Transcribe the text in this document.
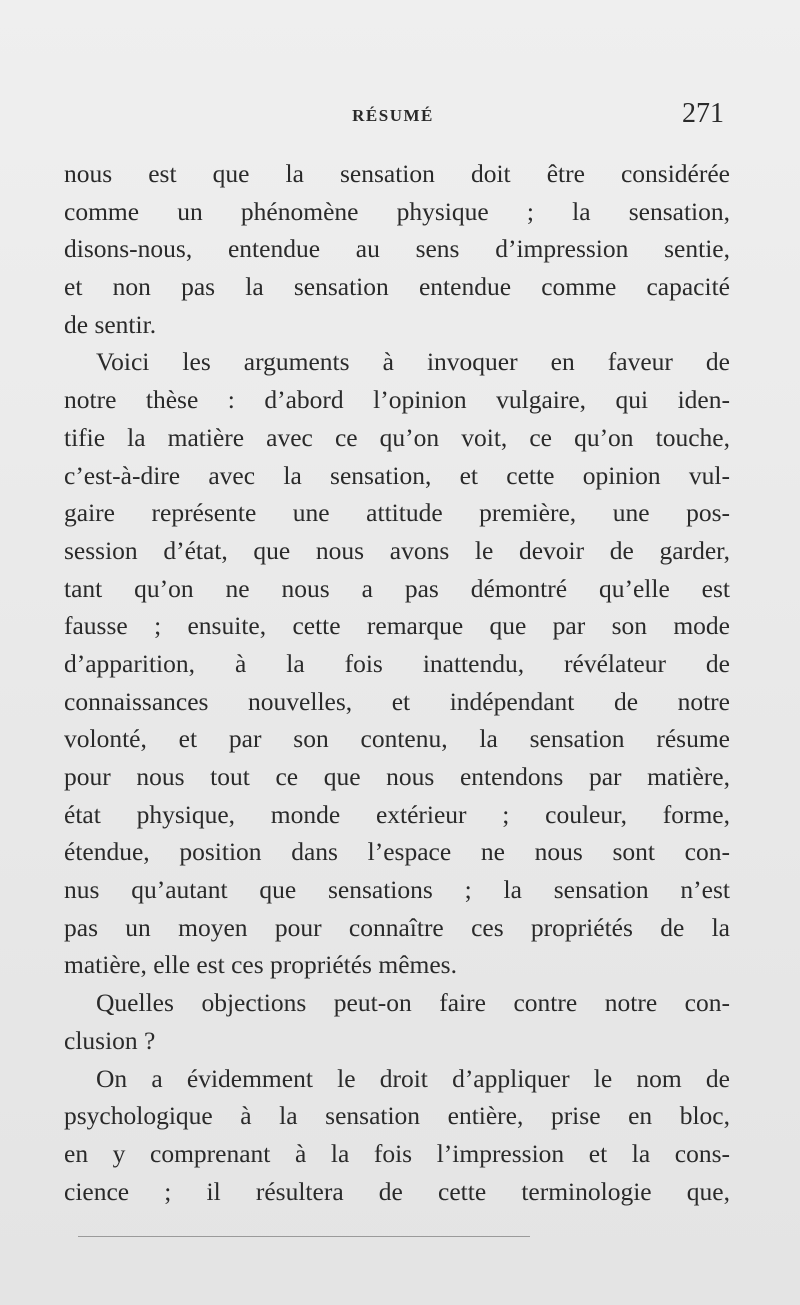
RÉSUMÉ	271
nous est que la sensation doit être considérée
comme un phénomène physique ; la sensation,
disons-nous, entendue au sens d’impression sentie,
et non pas la sensation entendue comme capacité
de sentir.
Voici les arguments à invoquer en faveur de
notre thèse : d’abord l’opinion vulgaire, qui iden-
tifie la matière avec ce qu’on voit, ce qu’on touche,
c’est-à-dire avec la sensation, et cette opinion vul-
gaire représente une attitude première, une pos-
session d’état, que nous avons le devoir de garder,
tant qu’on ne nous a pas démontré qu’elle est
fausse ; ensuite, cette remarque que par son mode
d’apparition, à la fois inattendu, révélateur de
connaissances nouvelles, et indépendant de notre
volonté, et par son contenu, la sensation résume
pour nous tout ce que nous entendons par matière,
état physique, monde extérieur ; couleur, forme,
étendue, position dans l’espace ne nous sont con-
nus qu’autant que sensations ; la sensation n’est
pas un moyen pour connaître ces propriétés de la
matière, elle est ces propriétés mêmes.
Quelles objections peut-on faire contre notre con-
clusion ?
On a évidemment le droit d’appliquer le nom de
psychologique à la sensation entière, prise en bloc,
en y comprenant à la fois l’impression et la cons-
cience ; il résultera de cette terminologie que,
